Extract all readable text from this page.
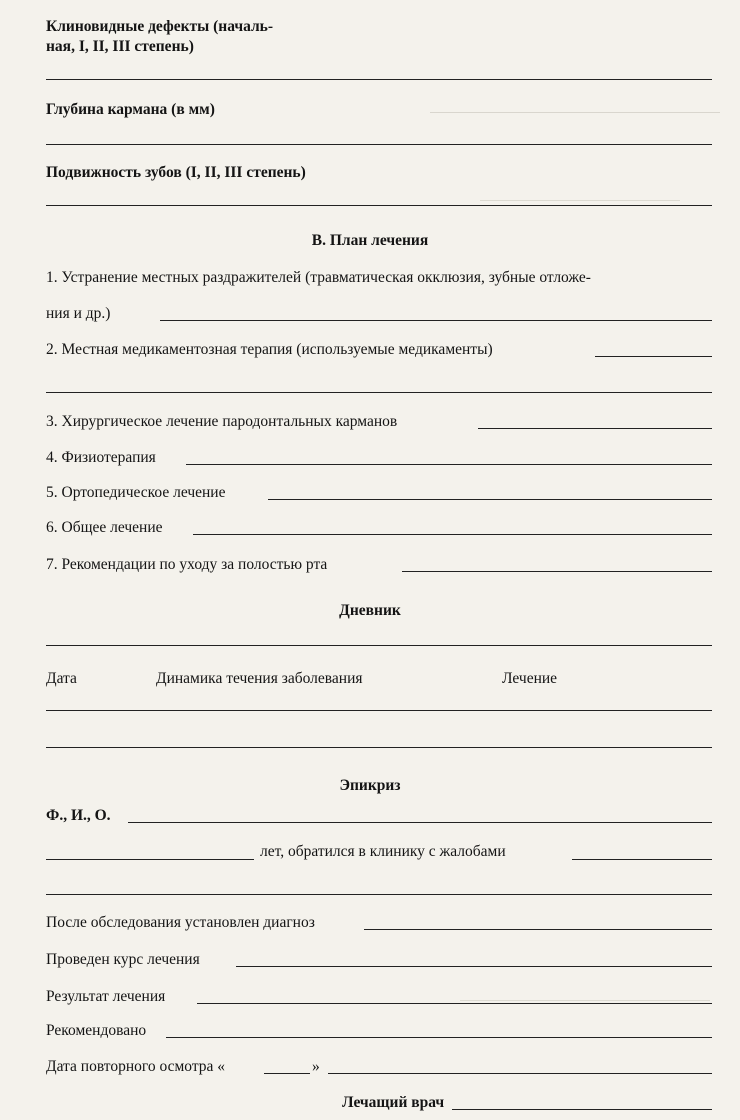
Клиновидные дефекты (началь-
ная, I, II, III степень)
Глубина кармана (в мм)
Подвижность зубов (I, II, III степень)
В. План лечения
1. Устранение местных раздражителей (травматическая окклюзия, зубные отложе-
ния и др.)
2. Местная медикаментозная терапия (используемые медикаменты)
3. Хирургическое лечение пародонтальных карманов
4. Физиотерапия
5. Ортопедическое лечение
6. Общее лечение
7. Рекомендации по уходу за полостью рта
Дневник
Дата	Динамика течения заболевания	Лечение
Эпикриз
Ф., И., О.
лет, обратился в клинику с жалобами
После обследования установлен диагноз
Проведен курс лечения
Результат лечения
Рекомендовано
Дата повторного осмотра «	»
Лечащий врач
